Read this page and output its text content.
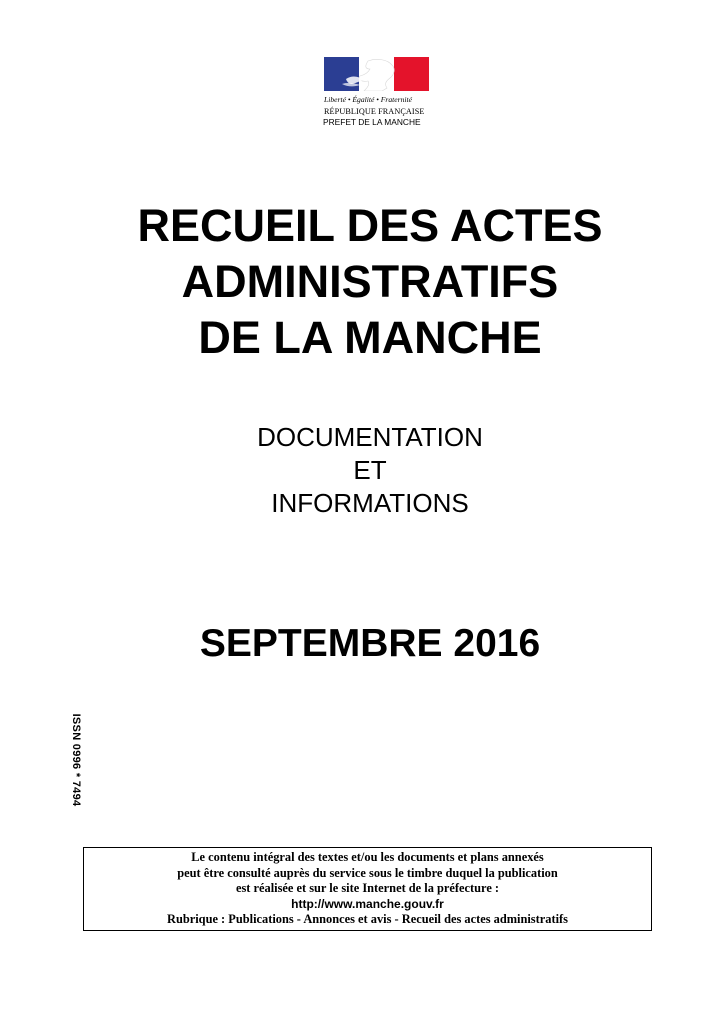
Liberté • Égalité • Fraternité
RÉPUBLIQUE FRANÇAISE
PREFET DE LA MANCHE
RECUEIL DES ACTES
ADMINISTRATIFS
DE LA MANCHE
DOCUMENTATION
ET
INFORMATIONS
SEPTEMBRE 2016
ISSN 0996 * 7494
Le contenu intégral des textes et/ou les documents et plans annexés
peut être consulté auprès du service sous le timbre duquel la publication
est réalisée et sur le site Internet de la préfecture :
http://www.manche.gouv.fr
Rubrique : Publications - Annonces et avis - Recueil des actes administratifs
